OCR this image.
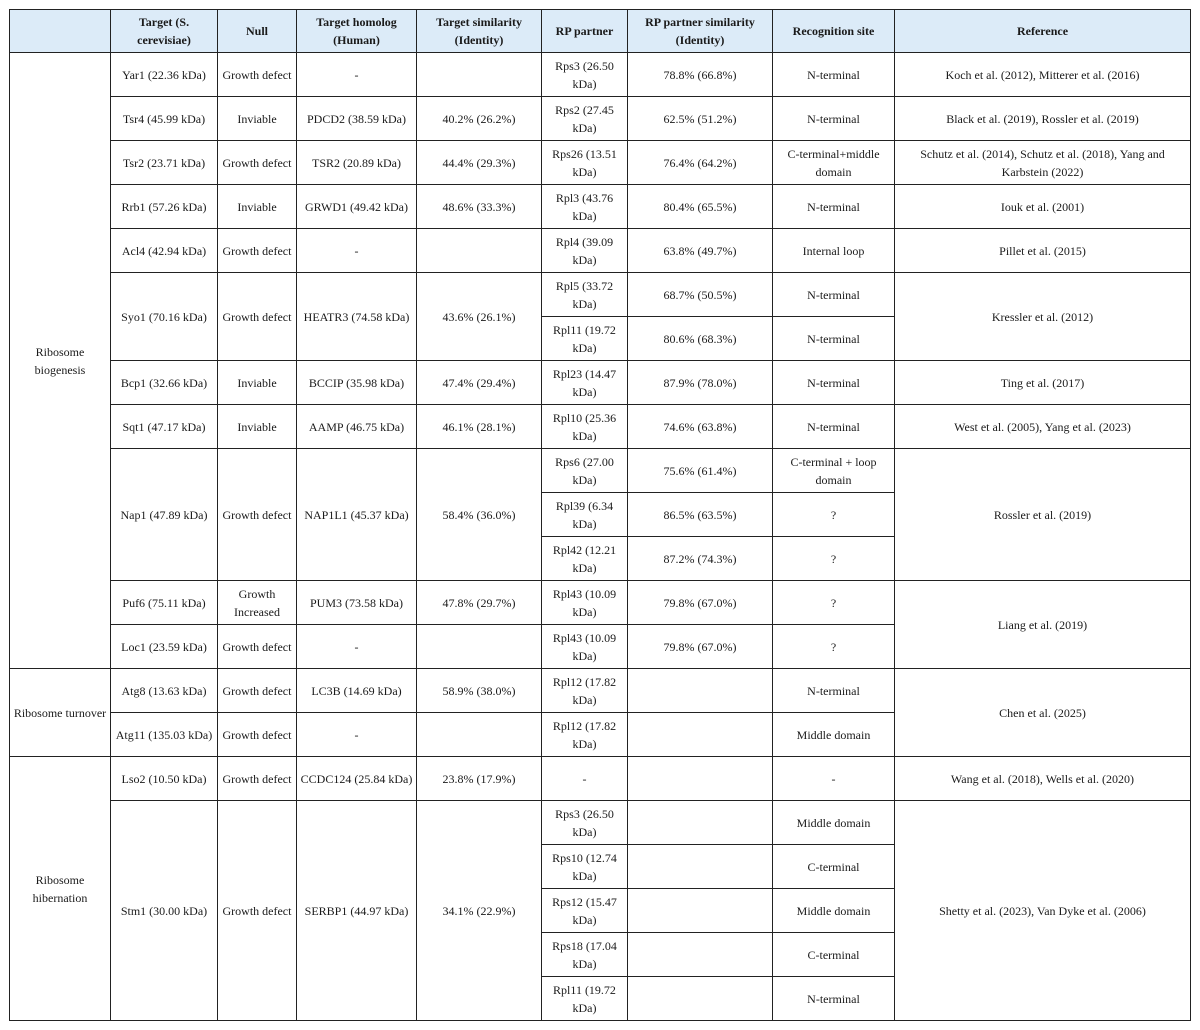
	Target (S. cerevisiae)	Null	Target homolog (Human)	Target similarity (Identity)	RP partner	RP partner similarity (Identity)	Recognition site	Reference
Ribosome biogenesis	Yar1 (22.36 kDa)	Growth defect	-		Rps3 (26.50 kDa)	78.8% (66.8%)	N-terminal	Koch et al. (2012), Mitterer et al. (2016)
	Tsr4 (45.99 kDa)	Inviable	PDCD2 (38.59 kDa)	40.2% (26.2%)	Rps2 (27.45 kDa)	62.5% (51.2%)	N-terminal	Black et al. (2019), Rossler et al. (2019)
	Tsr2 (23.71 kDa)	Growth defect	TSR2 (20.89 kDa)	44.4% (29.3%)	Rps26 (13.51 kDa)	76.4% (64.2%)	C-terminal+middle domain	Schutz et al. (2014), Schutz et al. (2018), Yang and Karbstein (2022)
	Rrb1 (57.26 kDa)	Inviable	GRWD1 (49.42 kDa)	48.6% (33.3%)	Rpl3 (43.76 kDa)	80.4% (65.5%)	N-terminal	Iouk et al. (2001)
	Acl4 (42.94 kDa)	Growth defect	-		Rpl4 (39.09 kDa)	63.8% (49.7%)	Internal loop	Pillet et al. (2015)
	Syo1 (70.16 kDa)	Growth defect	HEATR3 (74.58 kDa)	43.6% (26.1%)	Rpl5 (33.72 kDa)	68.7% (50.5%)	N-terminal	Kressler et al. (2012)
					Rpl11 (19.72 kDa)	80.6% (68.3%)	N-terminal	
	Bcp1 (32.66 kDa)	Inviable	BCCIP (35.98 kDa)	47.4% (29.4%)	Rpl23 (14.47 kDa)	87.9% (78.0%)	N-terminal	Ting et al. (2017)
	Sqt1 (47.17 kDa)	Inviable	AAMP (46.75 kDa)	46.1% (28.1%)	Rpl10 (25.36 kDa)	74.6% (63.8%)	N-terminal	West et al. (2005), Yang et al. (2023)
	Nap1 (47.89 kDa)	Growth defect	NAP1L1 (45.37 kDa)	58.4% (36.0%)	Rps6 (27.00 kDa)	75.6% (61.4%)	C-terminal + loop domain	Rossler et al. (2019)
					Rpl39 (6.34 kDa)	86.5% (63.5%)	?	
					Rpl42 (12.21 kDa)	87.2% (74.3%)	?	
	Puf6 (75.11 kDa)	Growth Increased	PUM3 (73.58 kDa)	47.8% (29.7%)	Rpl43 (10.09 kDa)	79.8% (67.0%)	?	Liang et al. (2019)
	Loc1 (23.59 kDa)	Growth defect	-		Rpl43 (10.09 kDa)	79.8% (67.0%)	?	
Ribosome turnover	Atg8 (13.63 kDa)	Growth defect	LC3B (14.69 kDa)	58.9% (38.0%)	Rpl12 (17.82 kDa)		N-terminal	Chen et al. (2025)
	Atg11 (135.03 kDa)	Growth defect	-		Rpl12 (17.82 kDa)		Middle domain	
Ribosome hibernation	Lso2 (10.50 kDa)	Growth defect	CCDC124 (25.84 kDa)	23.8% (17.9%)	-		-	Wang et al. (2018), Wells et al. (2020)
	Stm1 (30.00 kDa)	Growth defect	SERBP1 (44.97 kDa)	34.1% (22.9%)	Rps3 (26.50 kDa)		Middle domain	Shetty et al. (2023), Van Dyke et al. (2006)
					Rps10 (12.74 kDa)		C-terminal	
					Rps12 (15.47 kDa)		Middle domain	
					Rps18 (17.04 kDa)		C-terminal	
					Rpl11 (19.72 kDa)		N-terminal	
